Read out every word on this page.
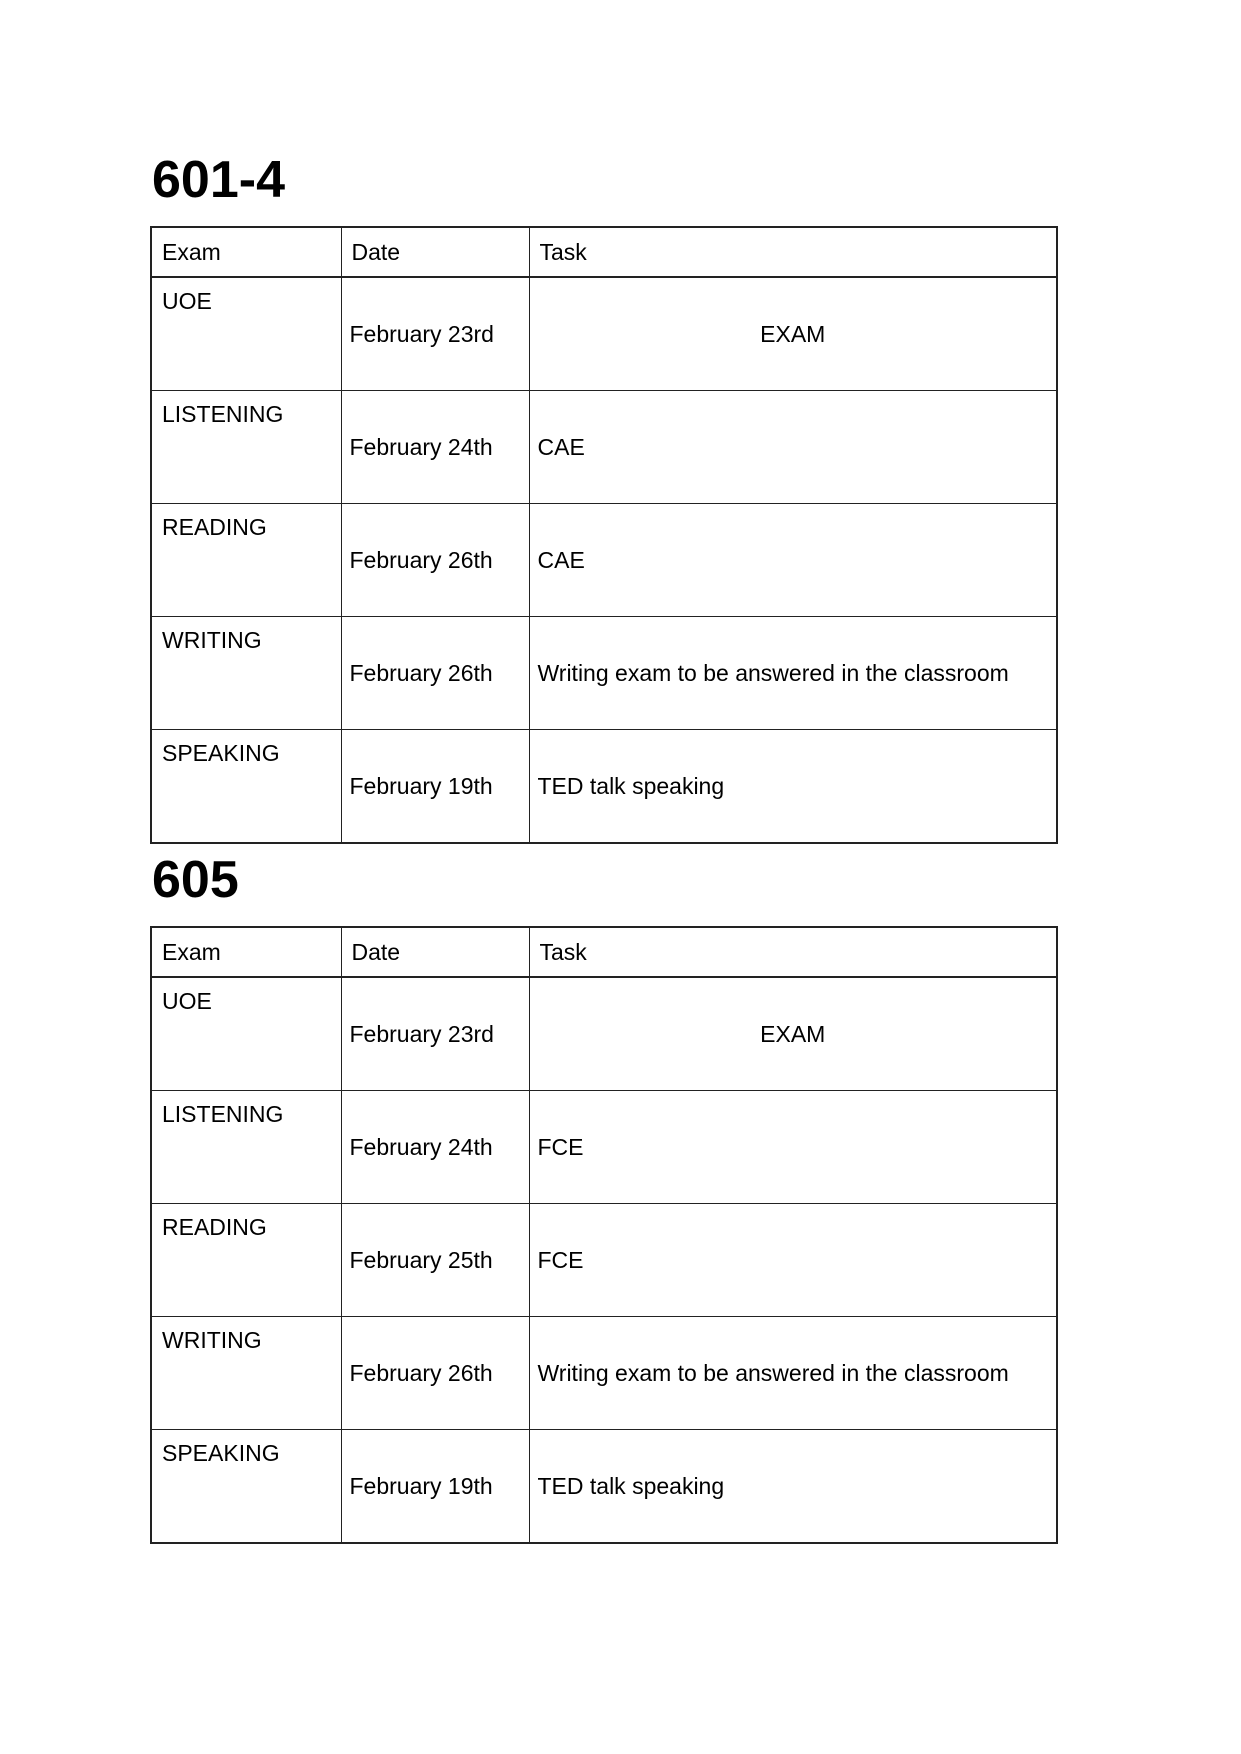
601-4
Exam	Date	Task
UOE	February 23rd	EXAM
LISTENING	February 24th	CAE
READING	February 26th	CAE
WRITING	February 26th	Writing exam to be answered in the classroom
SPEAKING	February 19th	TED talk speaking
605
Exam	Date	Task
UOE	February 23rd	EXAM
LISTENING	February 24th	FCE
READING	February 25th	FCE
WRITING	February 26th	Writing exam to be answered in the classroom
SPEAKING	February 19th	TED talk speaking
